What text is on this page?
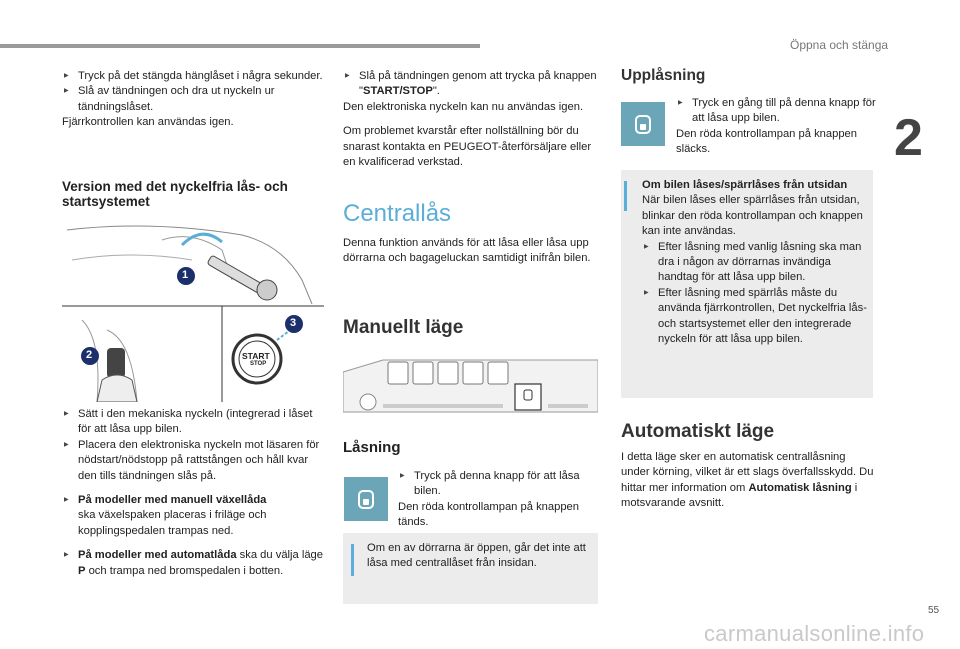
Öppna och stänga
2
55
carmanualsonline.info
▶ Tryck på det stängda hänglåset i några sekunder.
▶ Slå av tändningen och dra ut nyckeln ur tändningslåset.
Fjärrkontrollen kan användas igen.
Version med det nyckelfria lås- och startsystemet
1
2
3
START
STOP
▶ Sätt i den mekaniska nyckeln (integrerad i låset för att låsa upp bilen.
▶ Placera den elektroniska nyckeln mot läsaren för nödstart/nödstopp på rattstången och håll kvar den tills tändningen slås på.
▶ På modeller med manuell växellåda
ska växelspaken placeras i friläge och kopplingspedalen trampas ned.
▶ På modeller med automatlåda ska du välja läge P och trampa ned bromspedalen i botten.
▶ Slå på tändningen genom att trycka på knappen "START/STOP".
Den elektroniska nyckeln kan nu användas igen.
Om problemet kvarstår efter nollställning bör du snarast kontakta en PEUGEOT-återförsäljare eller en kvalificerad verkstad.
Centrallås
Denna funktion används för att låsa eller låsa upp dörrarna och bagageluckan samtidigt inifrån bilen.
Manuellt läge
Låsning
▶ Tryck på denna knapp för att låsa bilen.
Den röda kontrollampan på knappen tänds.
Om en av dörrarna är öppen, går det inte att låsa med centrallåset från insidan.
Upplåsning
▶ Tryck en gång till på denna knapp för att låsa upp bilen.
Den röda kontrollampan på knappen släcks.
Om bilen låses/spärrlåses från utsidan
När bilen låses eller spärrlåses från utsidan, blinkar den röda kontrollampan och knappen kan inte användas.
▶ Efter låsning med vanlig låsning ska man dra i någon av dörrarnas invändiga handtag för att låsa upp bilen.
▶ Efter låsning med spärrlås måste du använda fjärrkontrollen, Det nyckelfria lås- och startsystemet eller den integrerade nyckeln för att låsa upp bilen.
Automatiskt läge
I detta läge sker en automatisk centrallåsning under körning, vilket är ett slags överfallsskydd. Du hittar mer information om Automatisk låsning i motsvarande avsnitt.
